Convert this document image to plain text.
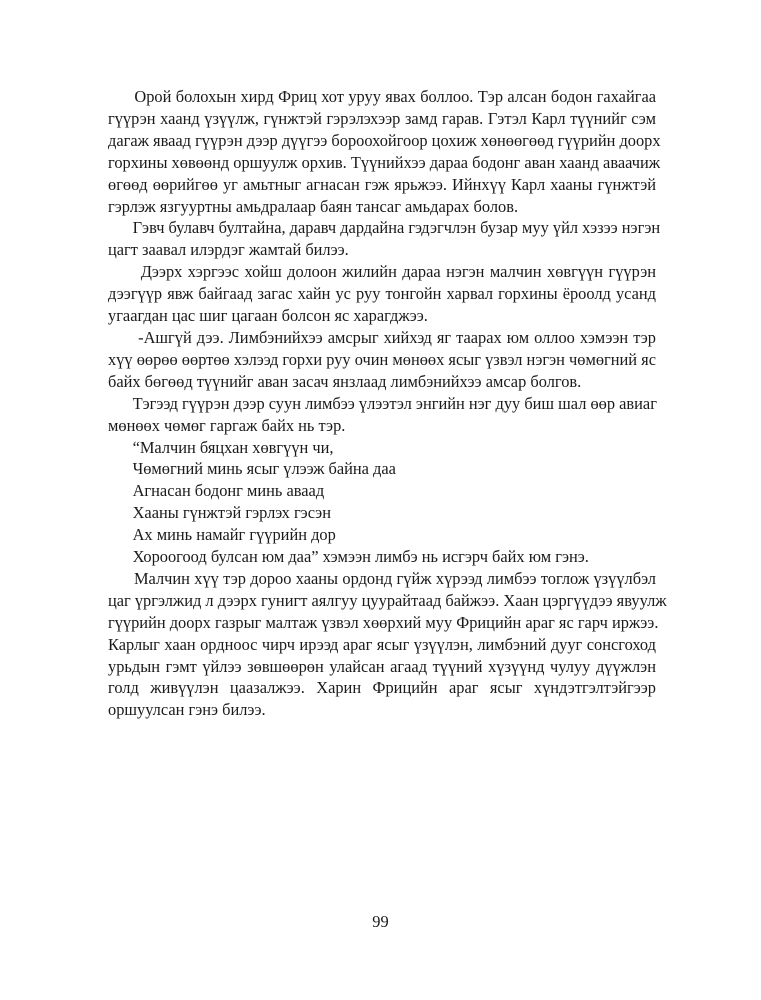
Орой болохын хирд Фриц хот уруу явах боллоо. Тэр алсан бодон гахайгаа
гүүрэн хаанд үзүүлж, гүнжтэй гэрэлэхээр замд гарав. Гэтэл Карл түүнийг сэм
дагаж яваад гүүрэн дээр дүүгээ бороохойгоор цохиж хөнөөгөөд гүүрийн доорх
горхины хөвөөнд оршуулж орхив. Түүнийхээ дараа бодонг аван хаанд аваачиж
өгөөд өөрийгөө уг амьтныг агнасан гэж ярьжээ. Ийнхүү Карл хааны гүнжтэй
гэрлэж язгууртны амьдралаар баян тансаг амьдарах болов.
Гэвч булавч бултайна, даравч дардайна гэдэгчлэн бузар муу үйл хэзээ нэгэн
цагт заавал илэрдэг жамтай билээ.
Дээрх хэргээс хойш долоон жилийн дараа нэгэн малчин хөвгүүн гүүрэн
дээгүүр явж байгаад загас хайн ус руу тонгойн харвал горхины ёроолд усанд
угаагдан цас шиг цагаан болсон яс харагджээ.
-Ашгүй дээ. Лимбэнийхээ амсрыг хийхэд яг таарах юм оллоо хэмээн тэр
хүү өөрөө өөртөө хэлээд горхи руу очин мөнөөх ясыг үзвэл нэгэн чөмөгний яс
байх бөгөөд түүнийг аван засач янзлаад лимбэнийхээ амсар болгов.
Тэгээд гүүрэн дээр суун лимбээ үлээтэл энгийн нэг дуу биш шал өөр авиаг
мөнөөх чөмөг гаргаж байх нь тэр.
“Малчин бяцхан хөвгүүн чи,
Чөмөгний минь ясыг үлээж байна даа
Агнасан бодонг минь аваад
Хааны гүнжтэй гэрлэх гэсэн
Ах минь намайг гүүрийн дор
Хороогоод булсан юм даа” хэмээн лимбэ нь исгэрч байх юм гэнэ.
Малчин хүү тэр дороо хааны ордонд гүйж хүрээд лимбээ тоглож үзүүлбэл
цаг үргэлжид л дээрх гунигт аялгуу цуурайтаад байжээ. Хаан цэргүүдээ явуулж
гүүрийн доорх газрыг малтаж үзвэл хөөрхий муу Фрицийн араг яс гарч иржээ.
Карлыг хаан ордноос чирч ирээд араг ясыг үзүүлэн, лимбэний дууг сонсгоход
урьдын гэмт үйлээ зөвшөөрөн улайсан агаад түүний хүзүүнд чулуу дүүжлэн
голд живүүлэн цаазалжээ. Харин Фрицийн араг ясыг хүндэтгэлтэйгээр
оршуулсан гэнэ билээ.
99
